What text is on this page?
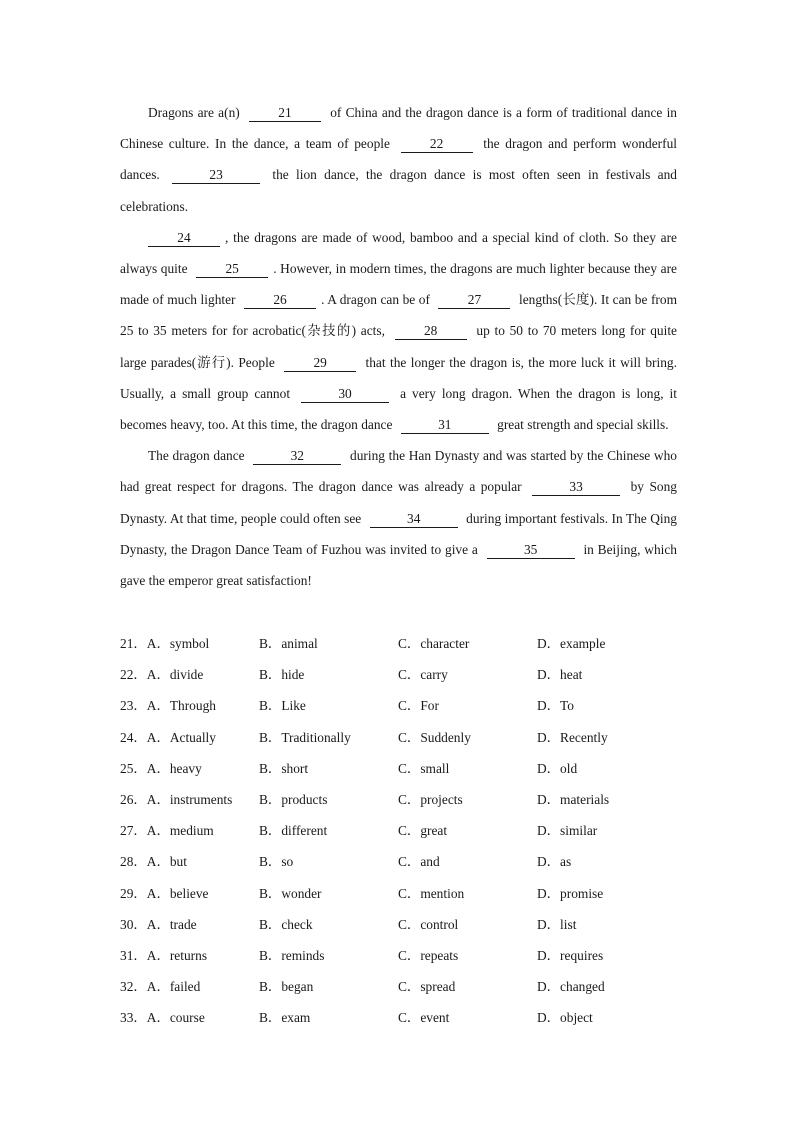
Dragons are a(n)	21	of China and the dragon dance is a form of traditional dance in Chinese culture. In the dance, a team of people	22	the dragon and perform wonderful dances.	23	the lion dance, the dragon dance is most often seen in festivals and celebrations.

24	, the dragons are made of wood, bamboo and a special kind of cloth. So they are always quite	25	. However, in modern times, the dragons are much lighter because they are made of much lighter	26	. A dragon can be of	27	lengths(长度). It can be from 25 to 35 meters for for acrobatic(杂技的) acts,	28	up to 50 to 70 meters long for quite large parades(游行). People	29	that the longer the dragon is, the more luck it will bring. Usually, a small group cannot	30	a very long dragon. When the dragon is long, it becomes heavy, too. At this time, the dragon dance	31	great strength and special skills.

The dragon dance	32	during the Han Dynasty and was started by the Chinese who had great respect for dragons. The dragon dance was already a popular	33	by Song Dynasty. At that time, people could often see	34	during important festivals. In The Qing Dynasty, the Dragon Dance Team of Fuzhou was invited to give a	35	in Beijing, which gave the emperor great satisfaction!

21．A．symbol	B．animal	C．character	D．example
22．A．divide	B．hide	C．carry	D．heat
23．A．Through	B．Like	C．For	D．To
24．A．Actually	B．Traditionally	C．Suddenly	D．Recently
25．A．heavy	B．short	C．small	D．old
26．A．instruments B．products	C．projects	D．materials
27．A．medium	B．different	C．great	D．similar
28．A．but	B．so	C．and	D．as
29．A．believe	B．wonder	C．mention	D．promise
30．A．trade	B．check	C．control	D．list
31．A．returns	B．reminds	C．repeats	D．requires
32．A．failed	B．began	C．spread	D．changed
33．A．course	B．exam	C．event	D．object
